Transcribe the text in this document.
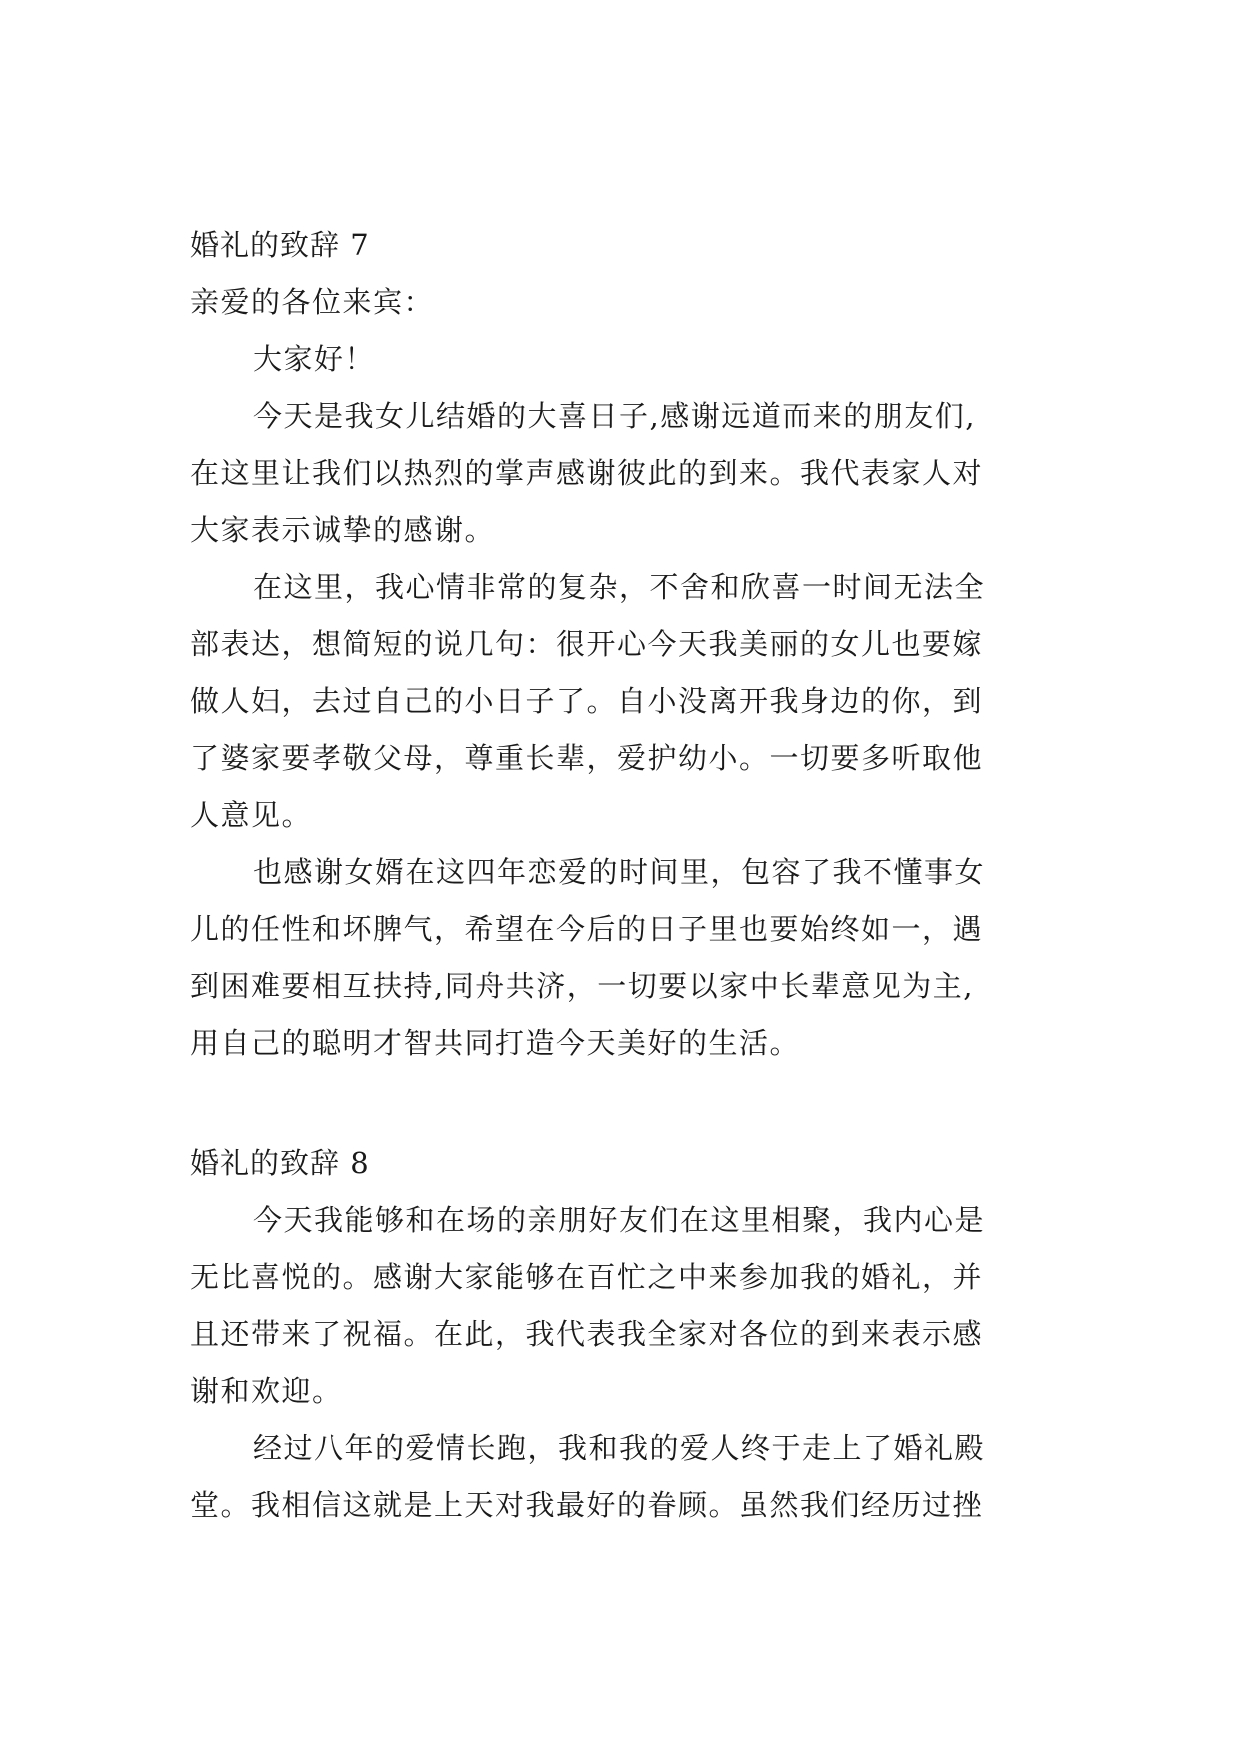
婚礼的致辞 7

亲爱的各位来宾：

大家好！

今天是我女儿结婚的大喜日子,感谢远道而来的朋友们,

在这里让我们以热烈的掌声感谢彼此的到来。我代表家人对

大家表示诚挚的感谢。

在这里，我心情非常的复杂，不舍和欣喜一时间无法全

部表达，想简短的说几句：很开心今天我美丽的女儿也要嫁

做人妇，去过自己的小日子了。自小没离开我身边的你，到

了婆家要孝敬父母，尊重长辈，爱护幼小。一切要多听取他

人意见。

也感谢女婿在这四年恋爱的时间里，包容了我不懂事女

儿的任性和坏脾气，希望在今后的日子里也要始终如一，遇

到困难要相互扶持,同舟共济，一切要以家中长辈意见为主,

用自己的聪明才智共同打造今天美好的生活。

婚礼的致辞 8

今天我能够和在场的亲朋好友们在这里相聚，我内心是

无比喜悦的。感谢大家能够在百忙之中来参加我的婚礼，并

且还带来了祝福。在此，我代表我全家对各位的到来表示感

谢和欢迎。

经过八年的爱情长跑，我和我的爱人终于走上了婚礼殿

堂。我相信这就是上天对我最好的眷顾。虽然我们经历过挫
